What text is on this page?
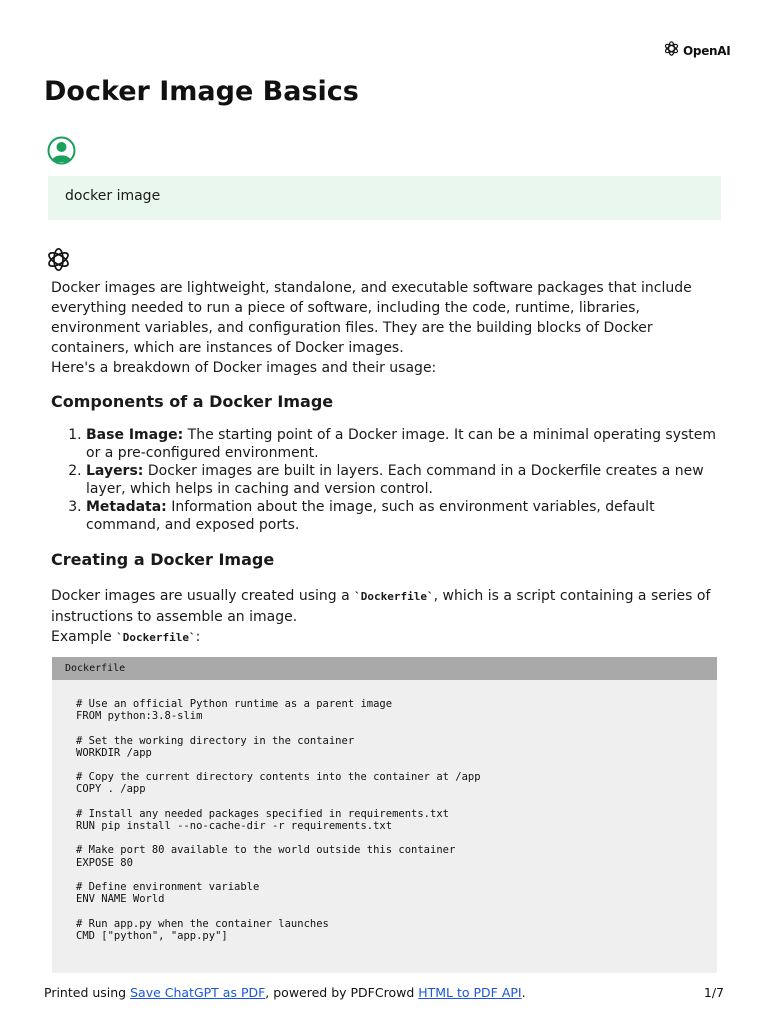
OpenAI
Docker Image Basics
docker image

Docker images are lightweight, standalone, and executable software packages that include everything needed to run a piece of software, including the code, runtime, libraries, environment variables, and configuration files. They are the building blocks of Docker containers, which are instances of Docker images.

Here's a breakdown of Docker images and their usage:

Components of a Docker Image
1. Base Image: The starting point of a Docker image. It can be a minimal operating system or a pre-configured environment.
2. Layers: Docker images are built in layers. Each command in a Dockerfile creates a new layer, which helps in caching and version control.
3. Metadata: Information about the image, such as environment variables, default command, and exposed ports.
Creating a Docker Image

Docker images are usually created using a `Dockerfile`, which is a script containing a series of instructions to assemble an image.

Example `Dockerfile`:

Dockerfile
# Use an official Python runtime as a parent image
FROM python:3.8-slim

# Set the working directory in the container
WORKDIR /app

# Copy the current directory contents into the container at /app
COPY . /app

# Install any needed packages specified in requirements.txt
RUN pip install --no-cache-dir -r requirements.txt

# Make port 80 available to the world outside this container
EXPOSE 80

# Define environment variable
ENV NAME World

# Run app.py when the container launches
CMD ["python", "app.py"]
Printed using Save ChatGPT as PDF, powered by PDFCrowd HTML to PDF API.	1/7
